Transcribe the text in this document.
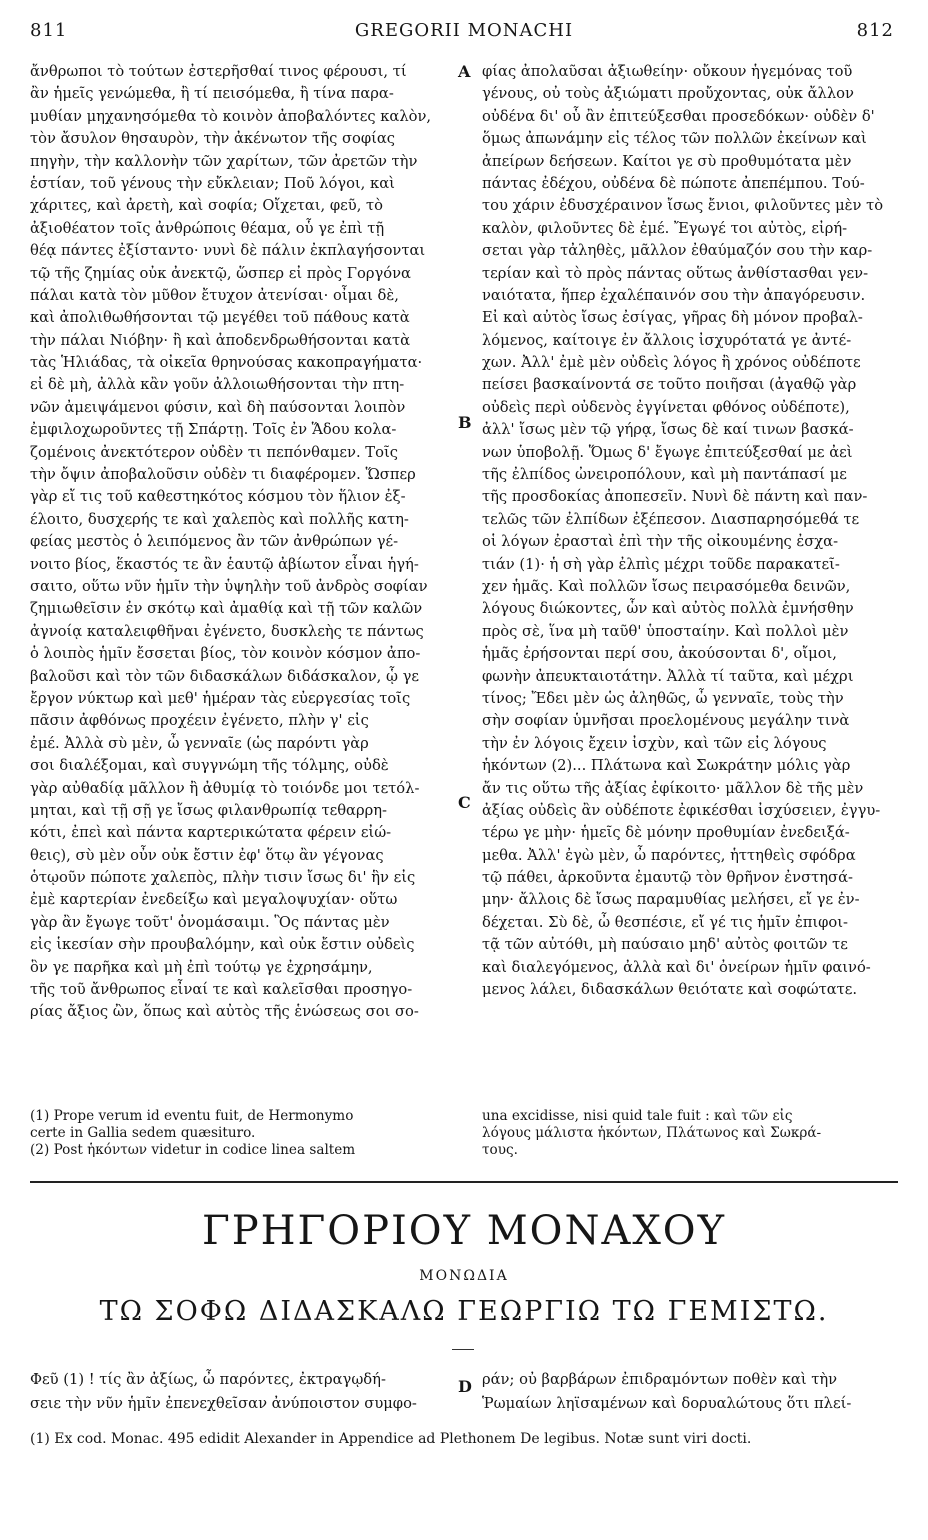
811	GREGORII MONACHI	812
A
B
C
D
ἄνθρωποι τὸ τούτων ἐστερῆσθαί τινος φέρουσι, τί
ἂν ἡμεῖς γενώμεθα, ἢ τί πεισόμεθα, ἢ τίνα παρα-
μυθίαν μηχανησόμεθα τὸ κοινὸν ἀποβαλόντες καλὸν,
τὸν ἄσυλον θησαυρὸν, τὴν ἀκένωτον τῆς σοφίας
πηγὴν, τὴν καλλονὴν τῶν χαρίτων, τῶν ἀρετῶν τὴν
ἑστίαν, τοῦ γένους τὴν εὔκλειαν; Ποῦ λόγοι, καὶ
χάριτες, καὶ ἀρετὴ, καὶ σοφία; Οἴχεται, φεῦ, τὸ
ἀξιοθέατον τοῖς ἀνθρώποις θέαμα, οὗ γε ἐπὶ τῇ
θέᾳ πάντες ἐξίσταντο· νυνὶ δὲ πάλιν ἐκπλαγήσονται
τῷ τῆς ζημίας οὐκ ἀνεκτῷ, ὥσπερ εἰ πρὸς Γοργόνα
πάλαι κατὰ τὸν μῦθον ἔτυχον ἀτενίσαι· οἶμαι δὲ,
καὶ ἀπολιθωθήσονται τῷ μεγέθει τοῦ πάθους κατὰ
τὴν πάλαι Νιόβην· ἢ καὶ ἀποδενδρωθήσονται κατὰ
τὰς Ἡλιάδας, τὰ οἰκεῖα θρηνούσας κακοπραγήματα·
εἰ δὲ μὴ, ἀλλὰ κἂν γοῦν ἀλλοιωθήσονται τὴν πτη-
νῶν ἀμειψάμενοι φύσιν, καὶ δὴ παύσονται λοιπὸν
ἐμφιλοχωροῦντες τῇ Σπάρτῃ. Τοῖς ἐν Ἅδου κολα-
ζομένοις ἀνεκτότερον οὐδὲν τι πεπόνθαμεν. Τοῖς
τὴν ὄψιν ἀποβαλοῦσιν οὐδὲν τι διαφέρομεν. Ὥσπερ
γὰρ εἴ τις τοῦ καθεστηκότος κόσμου τὸν ἥλιον ἐξ-
έλοιτο, δυσχερής τε καὶ χαλεπὸς καὶ πολλῆς κατη-
φείας μεστὸς ὁ λειπόμενος ἂν τῶν ἀνθρώπων γέ-
νοιτο βίος, ἕκαστός τε ἂν ἑαυτῷ ἀβίωτον εἶναι ἡγή-
σαιτο, οὕτω νῦν ἡμῖν τὴν ὑψηλὴν τοῦ ἀνδρὸς σοφίαν
ζημιωθεῖσιν ἐν σκότῳ καὶ ἀμαθίᾳ καὶ τῇ τῶν καλῶν
ἀγνοίᾳ καταλειφθῆναι ἐγένετο, δυσκλεὴς τε πάντως
ὁ λοιπὸς ἡμῖν ἔσσεται βίος, τὸν κοινὸν κόσμον ἀπο-
βαλοῦσι καὶ τὸν τῶν διδασκάλων διδάσκαλον, ᾧ γε
ἔργον νύκτωρ καὶ μεθ' ἡμέραν τὰς εὐεργεσίας τοῖς
πᾶσιν ἀφθόνως προχέειν ἐγένετο, πλὴν γ' εἰς
ἐμέ. Ἀλλὰ σὺ μὲν, ὦ γενναῖε (ὡς παρόντι γὰρ
σοι διαλέξομαι, καὶ συγγνώμη τῆς τόλμης, οὐδὲ
γὰρ αὐθαδίᾳ μᾶλλον ἢ ἀθυμίᾳ τὸ τοιόνδε μοι τετόλ-
μηται, καὶ τῇ σῇ γε ἴσως φιλανθρωπίᾳ τεθαρρη-
κότι, ἐπεὶ καὶ πάντα καρτερικώτατα φέρειν εἰώ-
θεις), σὺ μὲν οὖν οὐκ ἔστιν ἐφ' ὅτῳ ἂν γέγονας
ὁτῳοῦν πώποτε χαλεπὸς, πλὴν τισιν ἴσως δι' ἣν εἰς
ἐμὲ καρτερίαν ἐνεδείξω καὶ μεγαλοψυχίαν· οὕτω
γὰρ ἂν ἔγωγε τοῦτ' ὀνομάσαιμι. Ὃς πάντας μὲν
εἰς ἱκεσίαν σὴν προυβαλόμην, καὶ οὐκ ἔστιν οὐδεὶς
ὃν γε παρῆκα καὶ μὴ ἐπὶ τούτῳ γε ἐχρησάμην,
τῆς τοῦ ἄνθρωπος εἶναί τε καὶ καλεῖσθαι προσηγο-
ρίας ἄξιος ὢν, ὅπως καὶ αὐτὸς τῆς ἑνώσεως σοι σο-
φίας ἀπολαῦσαι ἀξιωθείην· οὔκουν ἡγεμόνας τοῦ
γένους, οὐ τοὺς ἀξιώματι προὔχοντας, οὐκ ἄλλον
οὐδένα δι' οὗ ἂν ἐπιτεύξεσθαι προσεδόκων· οὐδὲν δ'
ὅμως ἀπωνάμην εἰς τέλος τῶν πολλῶν ἐκείνων καὶ
ἀπείρων δεήσεων. Καίτοι γε σὺ προθυμότατα μὲν
πάντας ἐδέχου, οὐδένα δὲ πώποτε ἀπεπέμπου. Τού-
του χάριν ἐδυσχέραινον ἴσως ἔνιοι, φιλοῦντες μὲν τὸ
καλὸν, φιλοῦντες δὲ ἐμέ. Ἔγωγέ τοι αὐτὸς, εἰρή-
σεται γὰρ τἀληθὲς, μᾶλλον ἐθαύμαζόν σου τὴν καρ-
τερίαν καὶ τὸ πρὸς πάντας οὕτως ἀνθίστασθαι γεν-
ναιότατα, ἥπερ ἐχαλέπαινόν σου τὴν ἀπαγόρευσιν.
Εἰ καὶ αὐτὸς ἴσως ἐσίγας, γῆρας δὴ μόνον προβαλ-
λόμενος, καίτοιγε ἐν ἄλλοις ἰσχυρότατά γε ἀντέ-
χων. Ἀλλ' ἐμὲ μὲν οὐδεὶς λόγος ἢ χρόνος οὐδέποτε
πείσει βασκαίνοντά σε τοῦτο ποιῆσαι (ἀγαθῷ γὰρ
οὐδεὶς περὶ οὐδενὸς ἐγγίνεται φθόνος οὐδέποτε),
ἀλλ' ἴσως μὲν τῷ γήρᾳ, ἴσως δὲ καί τινων βασκά-
νων ὑποβολῇ. Ὅμως δ' ἔγωγε ἐπιτεύξεσθαί με ἀεὶ
τῆς ἐλπίδος ὠνειροπόλουν, καὶ μὴ παντάπασί με
τῆς προσδοκίας ἀποπεσεῖν. Νυνὶ δὲ πάντη καὶ παν-
τελῶς τῶν ἐλπίδων ἐξέπεσον. Διασπαρησόμεθά τε
οἱ λόγων ἐρασταὶ ἐπὶ τὴν τῆς οἰκουμένης ἐσχα-
τιάν (1)· ἡ σὴ γὰρ ἐλπὶς μέχρι τοῦδε παρακατεῖ-
χεν ἡμᾶς. Καὶ πολλῶν ἴσως πειρασόμεθα δεινῶν,
λόγους διώκοντες, ὧν καὶ αὐτὸς πολλὰ ἐμνήσθην
πρὸς σὲ, ἵνα μὴ ταῦθ' ὑποσταίην. Καὶ πολλοὶ μὲν
ἡμᾶς ἐρήσονται περί σου, ἀκούσονται δ', οἴμοι,
φωνὴν ἀπευκταιοτάτην. Ἀλλὰ τί ταῦτα, καὶ μέχρι
τίνος; Ἔδει μὲν ὡς ἀληθῶς, ὦ γενναῖε, τοὺς τὴν
σὴν σοφίαν ὑμνῆσαι προελομένους μεγάλην τινὰ
τὴν ἐν λόγοις ἔχειν ἰσχὺν, καὶ τῶν εἰς λόγους
ἡκόντων (2)... Πλάτωνα καὶ Σωκράτην μόλις γὰρ
ἄν τις οὕτω τῆς ἀξίας ἐφίκοιτο· μᾶλλον δὲ τῆς μὲν
ἀξίας οὐδεὶς ἂν οὐδέποτε ἐφικέσθαι ἰσχύσειεν, ἐγγυ-
τέρω γε μὴν· ἡμεῖς δὲ μόνην προθυμίαν ἐνεδειξά-
μεθα. Ἀλλ' ἐγὼ μὲν, ὦ παρόντες, ἡττηθεὶς σφόδρα
τῷ πάθει, ἀρκοῦντα ἐμαυτῷ τὸν θρῆνον ἐνστησά-
μην· ἄλλοις δὲ ἴσως παραμυθίας μελήσει, εἴ γε ἐν-
δέχεται. Σὺ δὲ, ὦ θεσπέσιε, εἴ γέ τις ἡμῖν ἐπιφοι-
τᾷ τῶν αὐτόθι, μὴ παύσαιο μηδ' αὐτὸς φοιτῶν τε
καὶ διαλεγόμενος, ἀλλὰ καὶ δι' ὀνείρων ἡμῖν φαινό-
μενος λάλει, διδασκάλων θειότατε καὶ σοφώτατε.
(1) Prope verum id eventu fuit, de Hermonymo
certe in Gallia sedem quæsituro.
(2) Post ἡκόντων videtur in codice linea saltem
una excidisse, nisi quid tale fuit : καὶ τῶν εἰς
λόγους μάλιστα ἡκόντων, Πλάτωνος καὶ Σωκρά-
τους.
ΓΡΗΓΟΡΙΟΥ ΜΟΝΑΧΟΥ
ΜΟΝΩΔΙΑ
ΤΩ ΣΟΦΩ ΔΙΔΑΣΚΑΛΩ ΓΕΩΡΓΙΩ ΤΩ ΓΕΜΙΣΤΩ.
Φεῦ (1) ! τίς ἂν ἀξίως, ὦ παρόντες, ἐκτραγῳδή-
σειε τὴν νῦν ἡμῖν ἐπενεχθεῖσαν ἀνύποιστον συμφο-
ράν; οὐ βαρβάρων ἐπιδραμόντων ποθὲν καὶ τὴν
Ῥωμαίων ληϊσαμένων καὶ δορυαλώτους ὅτι πλεί-
(1) Ex cod. Monac. 495 edidit Alexander in Appendice ad Plethonem De legibus. Notæ sunt viri docti.
